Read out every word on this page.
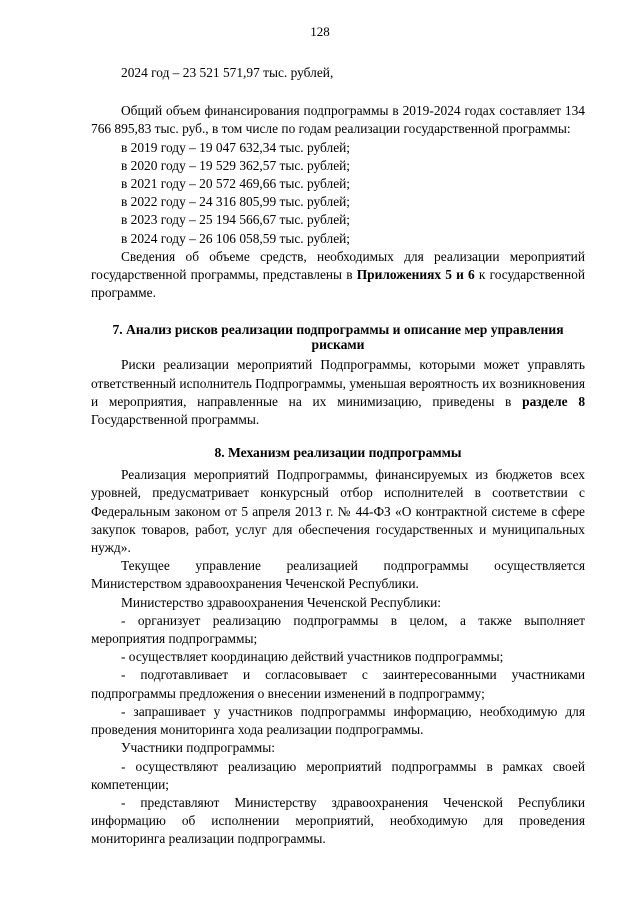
128

2024 год – 23 521 571,97 тыс. рублей,

Общий объем финансирования подпрограммы в 2019-2024 годах составляет 134 766 895,83 тыс. руб., в том числе по годам реализации государственной программы:

в 2019 году – 19 047 632,34 тыс. рублей;

в 2020 году – 19 529 362,57 тыс. рублей;

в 2021 году – 20 572 469,66 тыс. рублей;

в 2022 году – 24 316 805,99 тыс. рублей;

в 2023 году – 25 194 566,67 тыс. рублей;

в 2024 году – 26 106 058,59 тыс. рублей;

Сведения об объеме средств, необходимых для реализации мероприятий государственной программы, представлены в Приложениях 5 и 6 к государственной программе.

7. Анализ рисков реализации подпрограммы и описание мер управления рисками

Риски реализации мероприятий Подпрограммы, которыми может управлять ответственный исполнитель Подпрограммы, уменьшая вероятность их возникновения и мероприятия, направленные на их минимизацию, приведены в разделе 8 Государственной программы.

8. Механизм реализации подпрограммы

Реализация мероприятий Подпрограммы, финансируемых из бюджетов всех уровней, предусматривает конкурсный отбор исполнителей в соответствии с Федеральным законом от 5 апреля 2013 г. № 44-ФЗ «О контрактной системе в сфере закупок товаров, работ, услуг для обеспечения государственных и муниципальных нужд».

Текущее управление реализацией подпрограммы осуществляется Министерством здравоохранения Чеченской Республики.

Министерство здравоохранения Чеченской Республики:

- организует реализацию подпрограммы в целом, а также выполняет мероприятия подпрограммы;

- осуществляет координацию действий участников подпрограммы;

- подготавливает и согласовывает с заинтересованными участниками подпрограммы предложения о внесении изменений в подпрограмму;

- запрашивает у участников подпрограммы информацию, необходимую для проведения мониторинга хода реализации подпрограммы.

Участники подпрограммы:

- осуществляют реализацию мероприятий подпрограммы в рамках своей компетенции;

- представляют Министерству здравоохранения Чеченской Республики информацию об исполнении мероприятий, необходимую для проведения мониторинга реализации подпрограммы.
